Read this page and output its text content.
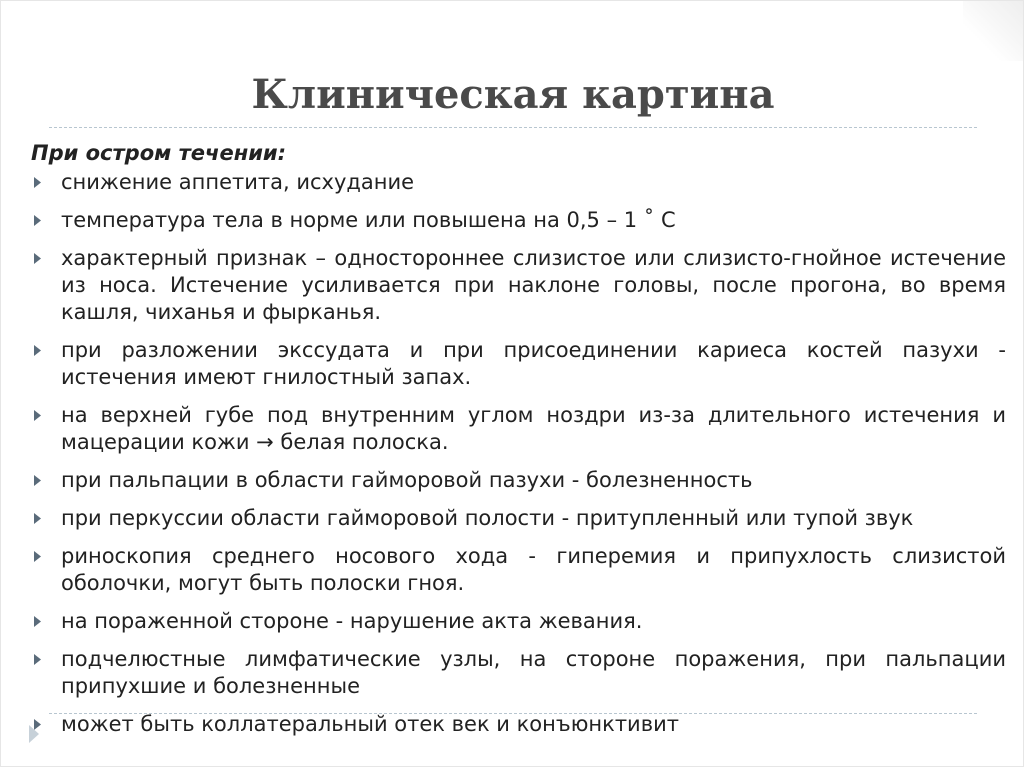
Клиническая картина

При остром течении:

снижение аппетита, исхудание
температура тела в норме или повышена на 0,5 – 1 ˚ С
характерный признак – одностороннее слизистое или слизисто-гнойное истечение из носа. Истечение усиливается при наклоне головы, после прогона, во время кашля, чиханья и фырканья.
при разложении экссудата и при присоединении кариеса костей пазухи - истечения имеют гнилостный запах.
на верхней губе под внутренним углом ноздри из-за длительного истечения и мацерации кожи → белая полоска.
при пальпации в области гайморовой пазухи - болезненность
при перкуссии области гайморовой полости - притупленный или тупой звук
риноскопия среднего носового хода - гиперемия и припухлость слизистой оболочки, могут быть полоски гноя.
на пораженной стороне - нарушение акта жевания.
подчелюстные лимфатические узлы, на стороне поражения, при пальпации припухшие и болезненные
может быть коллатеральный отек век и конъюнктивит
